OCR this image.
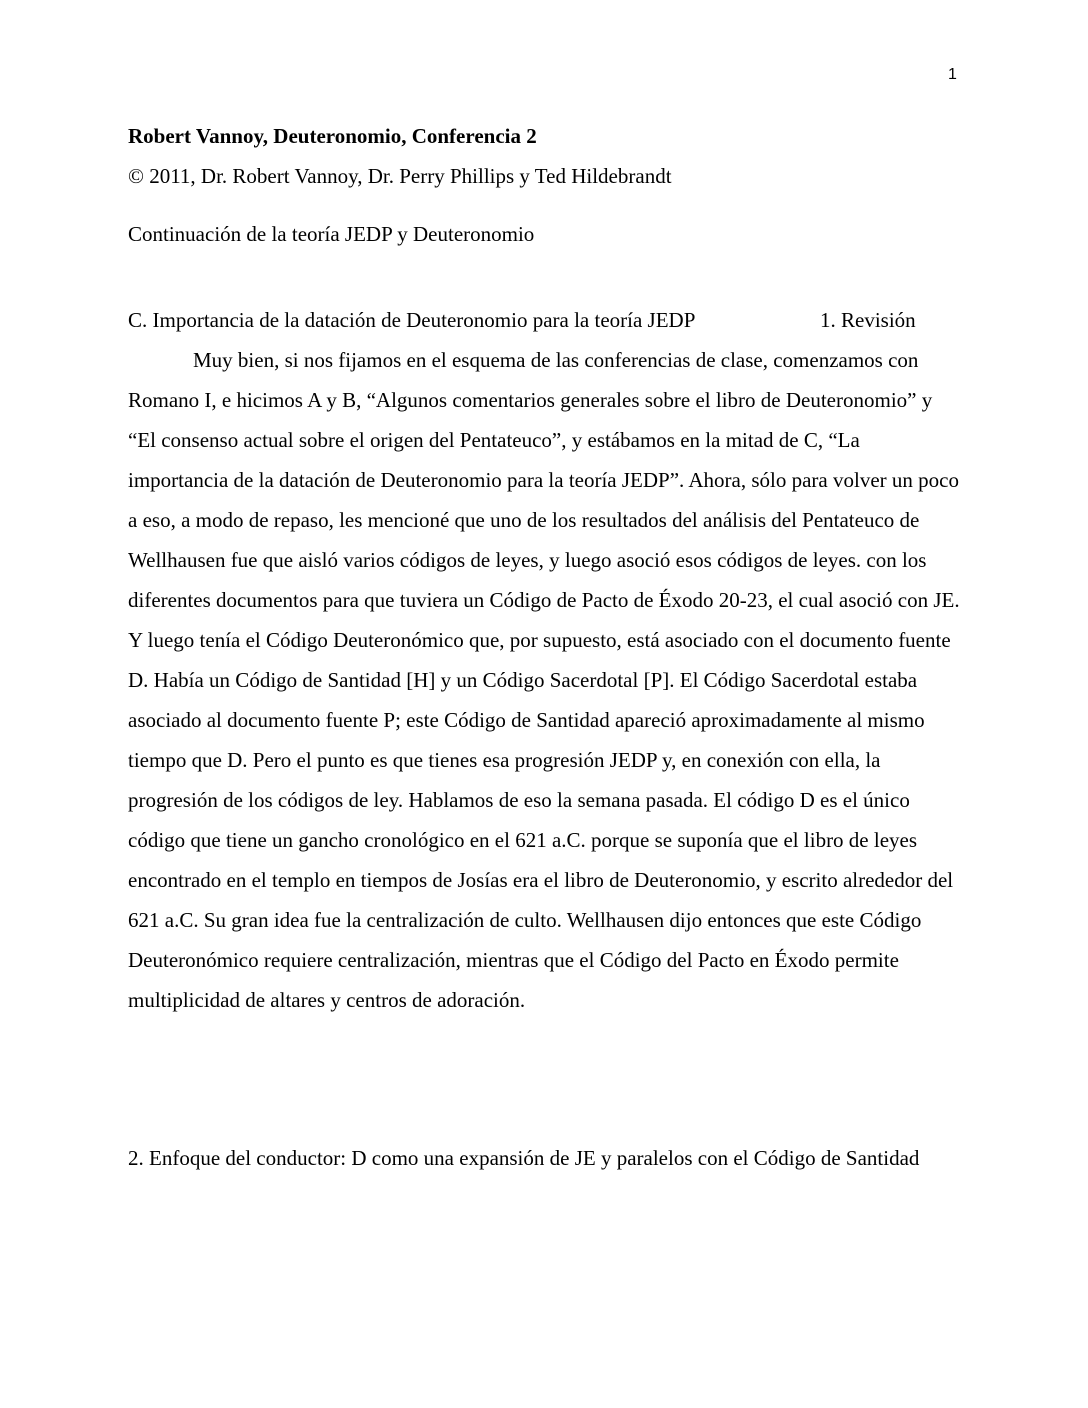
1
Robert Vannoy, Deuteronomio, Conferencia 2
© 2011, Dr. Robert Vannoy, Dr. Perry Phillips y Ted Hildebrandt
Continuación de la teoría JEDP y Deuteronomio
C. Importancia de la datación de Deuteronomio para la teoría JEDP	1. Revisión

Muy bien, si nos fijamos en el esquema de las conferencias de clase, comenzamos con Romano I, e hicimos A y B, “Algunos comentarios generales sobre el libro de Deuteronomio” y “El consenso actual sobre el origen del Pentateuco”, y estábamos en la mitad de C, “La importancia de la datación de Deuteronomio para la teoría JEDP”. Ahora, sólo para volver un poco a eso, a modo de repaso, les mencioné que uno de los resultados del análisis del Pentateuco de Wellhausen fue que aisló varios códigos de leyes, y luego asoció esos códigos de leyes. con los diferentes documentos para que tuviera un Código de Pacto de Éxodo 20-23, el cual asoció con JE. Y luego tenía el Código Deuteronómico que, por supuesto, está asociado con el documento fuente D. Había un Código de Santidad [H] y un Código Sacerdotal [P]. El Código Sacerdotal estaba asociado al documento fuente P; este Código de Santidad apareció aproximadamente al mismo tiempo que D. Pero el punto es que tienes esa progresión JEDP y, en conexión con ella, la progresión de los códigos de ley. Hablamos de eso la semana pasada. El código D es el único código que tiene un gancho cronológico en el 621 a.C. porque se suponía que el libro de leyes encontrado en el templo en tiempos de Josías era el libro de Deuteronomio, y escrito alrededor del 621 a.C. Su gran idea fue la centralización de culto. Wellhausen dijo entonces que este Código Deuteronómico requiere centralización, mientras que el Código del Pacto en Éxodo permite multiplicidad de altares y centros de adoración.

2. Enfoque del conductor: D como una expansión de JE y paralelos con el Código de Santidad
